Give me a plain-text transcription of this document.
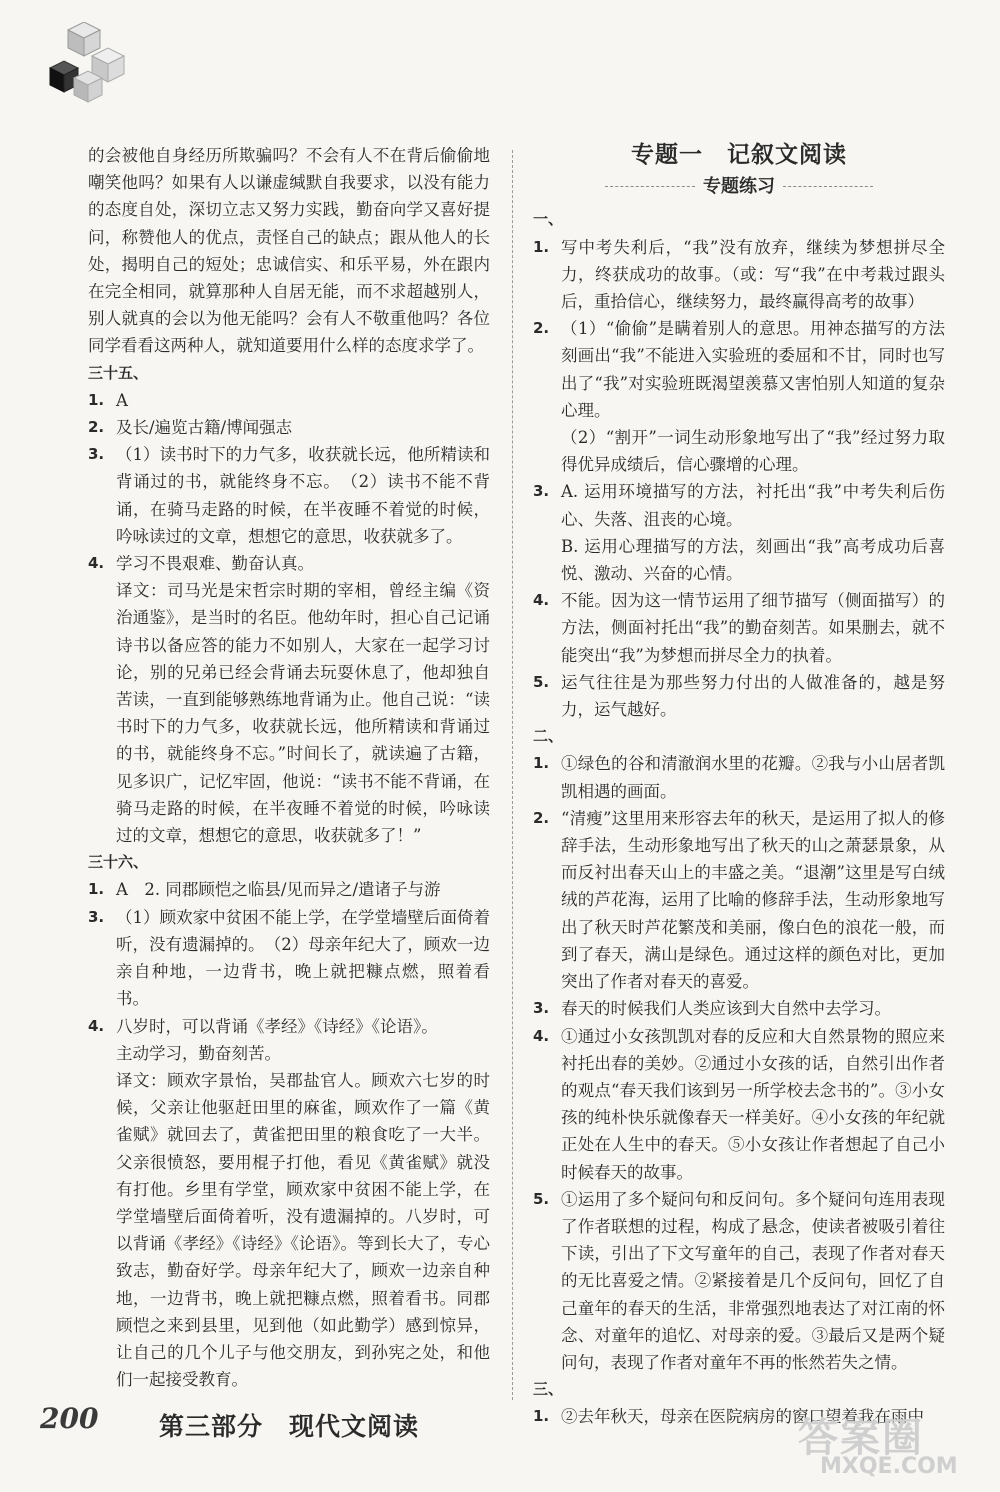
的会被他自身经历所欺骗吗？不会有人不在背后偷偷地嘲笑他吗？如果有人以谦虚缄默自我要求，以没有能力的态度自处，深切立志又努力实践，勤奋向学又喜好提问，称赞他人的优点，责怪自己的缺点；跟从他人的长处，揭明自己的短处；忠诚信实、和乐平易，外在跟内在完全相同，就算那种人自居无能，而不求超越别人，别人就真的会以为他无能吗？会有人不敬重他吗？各位同学看看这两种人，就知道要用什么样的态度求学了。

三十五、

1. A
2. 及长/遍览古籍/博闻强志
3. （1）读书时下的力气多，收获就长远，他所精读和背诵过的书，就能终身不忘。　（2）读书不能不背诵，在骑马走路的时候，在半夜睡不着觉的时候，吟咏读过的文章，想想它的意思，收获就多了。
4. 学习不畏艰难、勤奋认真。

译文：司马光是宋哲宗时期的宰相，曾经主编《资治通鉴》，是当时的名臣。他幼年时，担心自己记诵诗书以备应答的能力不如别人，大家在一起学习讨论，别的兄弟已经会背诵去玩耍休息了，他却独自苦读，一直到能够熟练地背诵为止。他自己说：“读书时下的力气多，收获就长远，他所精读和背诵过的书，就能终身不忘。”时间长了，就读遍了古籍，见多识广，记忆牢固，他说：“读书不能不背诵，在骑马走路的时候，在半夜睡不着觉的时候，吟咏读过的文章，想想它的意思，收获就多了！”

三十六、

1. A　2. 同郡顾恺之临县/见而异之/遣诸子与游
3. （1）顾欢家中贫困不能上学，在学堂墙壁后面倚着听，没有遗漏掉的。　（2）母亲年纪大了，顾欢一边亲自种地，一边背书，晚上就把糠点燃，照着看书。
4. 八岁时，可以背诵《孝经》《诗经》《论语》。

主动学习，勤奋刻苦。

译文：顾欢字景怡，吴郡盐官人。顾欢六七岁的时候，父亲让他驱赶田里的麻雀，顾欢作了一篇《黄雀赋》就回去了，黄雀把田里的粮食吃了一大半。父亲很愤怒，要用棍子打他，看见《黄雀赋》就没有打他。乡里有学堂，顾欢家中贫困不能上学，在学堂墙壁后面倚着听，没有遗漏掉的。八岁时，可以背诵《孝经》《诗经》《论语》。等到长大了，专心致志，勤奋好学。母亲年纪大了，顾欢一边亲自种地，一边背书，晚上就把糠点燃，照着看书。同郡顾恺之来到县里，见到他（如此勤学）感到惊异，让自己的几个儿子与他交朋友，到孙宪之处，和他们一起接受教育。

第三部分　现代文阅读
专题一　记叙文阅读
专题练习

一、

1. 写中考失利后，“我”没有放弃，继续为梦想拼尽全力，终获成功的故事。（或：写“我”在中考栽过跟头后，重拾信心，继续努力，最终赢得高考的故事）
2. （1）“偷偷”是瞒着别人的意思。用神态描写的方法刻画出“我”不能进入实验班的委屈和不甘，同时也写出了“我”对实验班既渴望羡慕又害怕别人知道的复杂心理。

（2）“割开”一词生动形象地写出了“我”经过努力取得优异成绩后，信心骤增的心理。

3. A. 运用环境描写的方法，衬托出“我”中考失利后伤心、失落、沮丧的心境。

B. 运用心理描写的方法，刻画出“我”高考成功后喜悦、激动、兴奋的心情。

4. 不能。因为这一情节运用了细节描写（侧面描写）的方法，侧面衬托出“我”的勤奋刻苦。如果删去，就不能突出“我”为梦想而拼尽全力的执着。
5. 运气往往是为那些努力付出的人做准备的，越是努力，运气越好。

二、

1. ①绿色的谷和清澈润水里的花瓣。②我与小山居者凯凯相遇的画面。
2. “清瘦”这里用来形容去年的秋天，是运用了拟人的修辞手法，生动形象地写出了秋天的山之萧瑟景象，从而反衬出春天山上的丰盛之美。“退潮”这里是写白绒绒的芦花海，运用了比喻的修辞手法，生动形象地写出了秋天时芦花繁茂和美丽，像白色的浪花一般，而到了春天，满山是绿色。通过这样的颜色对比，更加突出了作者对春天的喜爱。
3. 春天的时候我们人类应该到大自然中去学习。
4. ①通过小女孩凯凯对春的反应和大自然景物的照应来衬托出春的美妙。②通过小女孩的话，自然引出作者的观点“春天我们该到另一所学校去念书的”。③小女孩的纯朴快乐就像春天一样美好。④小女孩的年纪就正处在人生中的春天。⑤小女孩让作者想起了自己小时候春天的故事。
5. ①运用了多个疑问句和反问句。多个疑问句连用表现了作者联想的过程，构成了悬念，使读者被吸引着往下读，引出了下文写童年的自己，表现了作者对春天的无比喜爱之情。②紧接着是几个反问句，回忆了自己童年的春天的生活，非常强烈地表达了对江南的怀念、对童年的追忆、对母亲的爱。③最后又是两个疑问句，表现了作者对童年不再的怅然若失之情。

三、

1. ②去年秋天，母亲在医院病房的窗口望着我在雨中
200	答案圈
MXQE.COM
